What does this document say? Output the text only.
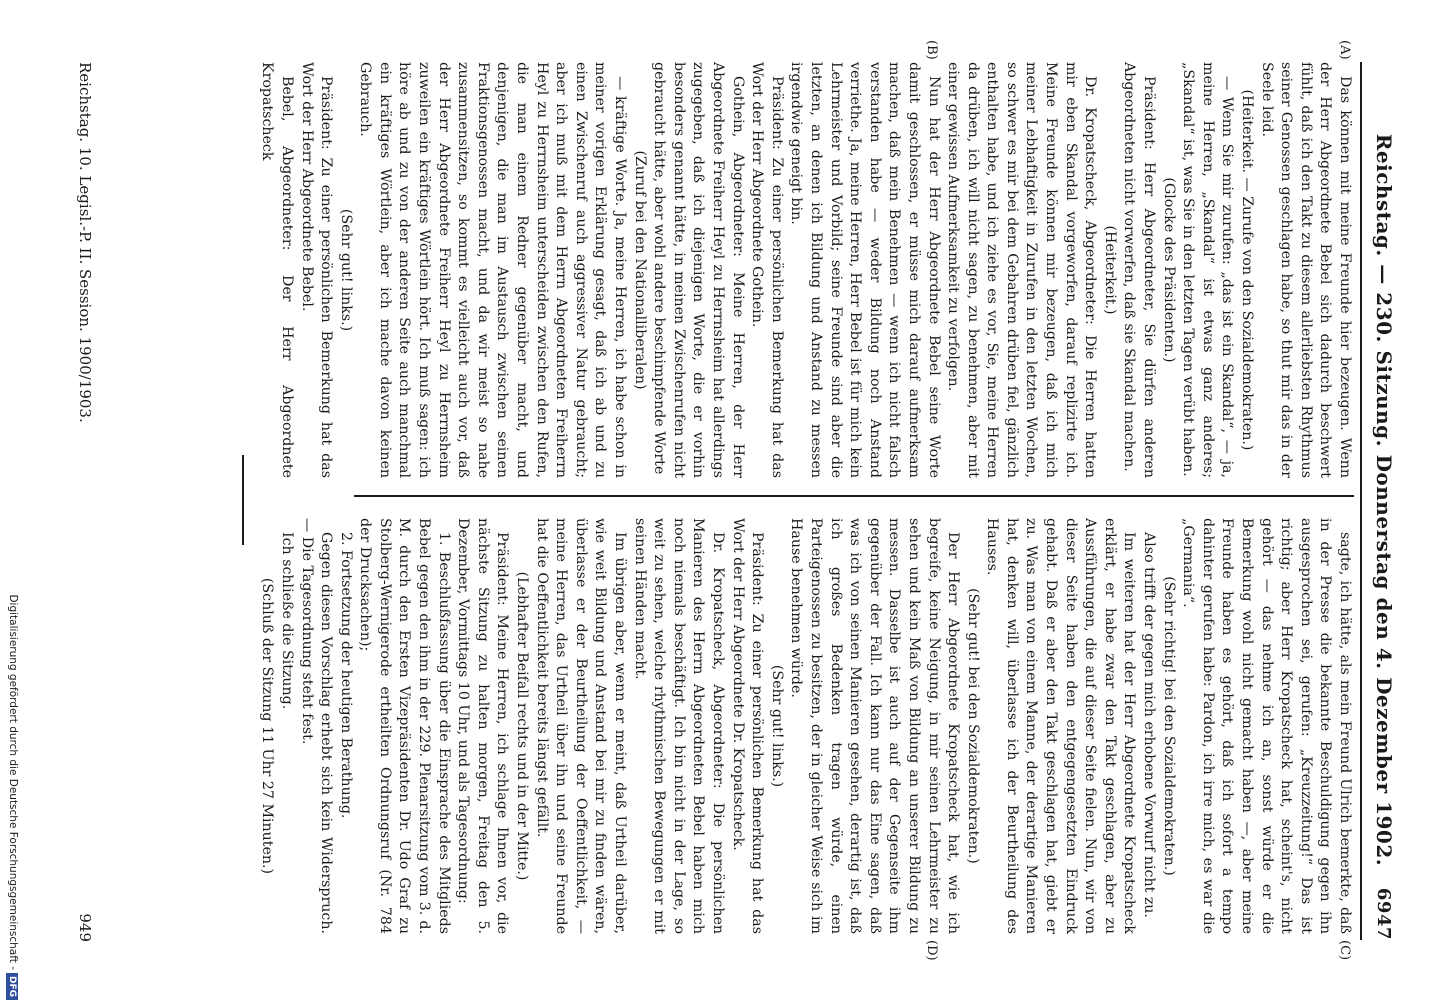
Reichstag. — 230. Sitzung. Donnerstag den 4. Dezember 1902.
6947
(A)
(B)
(C)
(D)

Das können mit meine Freunde hier bezeugen. Wenn der Herr Abgeordnete Bebel sich dadurch beschwert fühlt, daß ich den Takt zu diesem allerliebsten Rhythmus seiner Genossen geschlagen habe, so thut mir das in der Seele leid.

(Heiterkeit. — Zurufe von den Sozialdemokraten.)

— Wenn Sie mir zurufen: „das ist ein Skandal“, — ja, meine Herren, „Skandal“ ist etwas ganz anderes; „Skandal“ ist, was Sie in den letzten Tagen verübt haben.

(Glocke des Präsidenten.)

Präsident: Herr Abgeordneter, Sie dürfen anderen Abgeordneten nicht vorwerfen, daß sie Skandal machen.

(Heiterkeit.)

Dr. Kropatscheck, Abgeordneter: Die Herren hatten mir eben Skandal vorgeworfen, darauf replizirte ich. Meine Freunde können mir bezeugen, daß ich mich meiner Lebhaftigkeit in Zurufen in den letzten Wochen, so schwer es mir bei dem Gebahren drüben fiel, gänzlich enthalten habe, und ich ziehe es vor, Sie, meine Herren da drüben, ich will nicht sagen, zu benehmen, aber mit einer gewissen Aufmerksamkeit zu verfolgen.

Nun hat der Herr Abgeordnete Bebel seine Worte damit geschlossen, er müsse mich darauf aufmerksam machen, daß mein Benehmen — wenn ich nicht falsch verstanden habe — weder Bildung noch Anstand verriethe. Ja, meine Herren, Herr Bebel ist für mich kein Lehrmeister und Vorbild; seine Freunde sind aber die letzten, an denen ich Bildung und Anstand zu messen irgendwie geneigt bin.

Präsident: Zu einer persönlichen Bemerkung hat das Wort der Herr Abgeordnete Gothein.

Gothein, Abgeordneter: Meine Herren, der Herr Abgeordnete Freiherr Heyl zu Herrnsheim hat allerdings zugegeben, daß ich diejenigen Worte, die er vorhin besonders genannt hätte, in meinen Zwischenrufen nicht gebraucht hätte, aber wohl andere beschimpfende Worte

(Zuruf bei den Nationalliberalen)

— kräftige Worte. Ja, meine Herren, ich habe schon in meiner vorigen Erklärung gesagt, daß ich ab und zu einen Zwischenruf auch aggressiver Natur gebraucht; aber ich muß mit dem Herrn Abgeordneten Freiherrn Heyl zu Herrnsheim unterscheiden zwischen den Rufen, die man einem Redner gegenüber macht, und denjenigen, die man im Austausch zwischen seinen Fraktionsgenossen macht, und da wir meist so nahe zusammensitzen, so kommt es vielleicht auch vor, daß der Herr Abgeordnete Freiherr Heyl zu Herrnsheim zuweilen ein kräftiges Wörtlein hört. Ich muß sagen: ich höre ab und zu von der anderen Seite auch manchmal ein kräftiges Wörtlein, aber ich mache davon keinen Gebrauch.

(Sehr gut! links.)

Präsident: Zu einer persönlichen Bemerkung hat das Wort der Herr Abgeordnete Bebel.

Bebel, Abgeordneter: Der Herr Abgeordnete Kropatscheck

sagte, ich hätte, als mein Freund Ulrich bemerkte, daß in der Presse die bekannte Beschuldigung gegen ihn ausgesprochen sei, gerufen: „Kreuzzeitung!“ Das ist richtig; aber Herr Kropatscheck hat, scheint's, nicht gehört — das nehme ich an, sonst würde er die Bemerkung wohl nicht gemacht haben —, aber meine Freunde haben es gehört, daß ich sofort a tempo dahinter gerufen habe: Pardon, ich irre mich, es war die „Germania“.

(Sehr richtig! bei den Sozialdemokraten.)

Also trifft der gegen mich erhobene Vorwurf nicht zu.

Im weiteren hat der Herr Abgeordnete Kropatscheck erklärt, er habe zwar den Takt geschlagen, aber zu Aussführungen, die auf dieser Seite fielen. Nun, wir von dieser Seite haben den entgegengesetzten Eindruck gehabt. Daß er aber den Takt geschlagen hat, giebt er zu. Was man von einem Manne, der derartige Manieren hat, denken will, überlasse ich der Beurtheilung des Hauses.

(Sehr gut! bei den Sozialdemokraten.)

Der Herr Abgeordnete Kropatscheck hat, wie ich begreife, keine Neigung, in mir seinen Lehrmeister zu sehen und kein Maß von Bildung an unserer Bildung zu messen. Dasselbe ist auch auf der Gegenseite ihm gegenüber der Fall. Ich kann nur das Eine sagen, daß was ich von seinen Manieren gesehen, derartig ist, daß ich großes Bedenken tragen würde, einen Parteigenossen zu besitzen, der in gleicher Weise sich im Hause benehmen würde.

(Sehr gut! links.)

Präsident: Zu einer persönlichen Bemerkung hat das Wort der Herr Abgeordnete Dr. Kropatscheck.

Dr. Kropatscheck, Abgeordneter: Die persönlichen Manieren des Herrn Abgeordneten Bebel haben mich noch niemals beschäftigt. Ich bin nicht in der Lage, so weit zu sehen, welche rhythmischen Bewegungen er mit seinen Händen macht.

Im übrigen aber, wenn er meint, daß Urtheil darüber, wie weit Bildung und Anstand bei mir zu finden wären, überlasse er der Beurtheilung der Oeffentlichkeit, — meine Herren, das Urtheil über ihn und seine Freunde hat die Oeffentlichkeit bereits längst gefällt.

(Lebhafter Beifall rechts und in der Mitte.)

Präsident: Meine Herren, ich schlage Ihnen vor, die nächste Sitzung zu halten morgen, Freitag den 5. Dezember, Vormittags 10 Uhr, und als Tagesordnung:

1. Beschlußfassung über die Einsprache des Mitglieds Bebel gegen den ihm in der 229. Plenarsitzung vom 3. d. M. durch den Ersten Vizepräsidenten Dr. Udo Graf zu Stolberg-Wernigerode ertheilten Ordnungsruf (Nr. 784 der Drucksachen);

2. Fortsetzung der heutigen Berathung.

Gegen diesen Vorschlag erhebt sich kein Widerspruch. — Die Tagesordnung steht fest.

Ich schließe die Sitzung.

(Schluß der Sitzung 11 Uhr 27 Minuten.)

Reichstag. 10. Legisl.-P. II. Session. 1900/1903.
949
Digitalisierung gefördert durch die Deutsche Forschungsgemeinschaft -DFG
